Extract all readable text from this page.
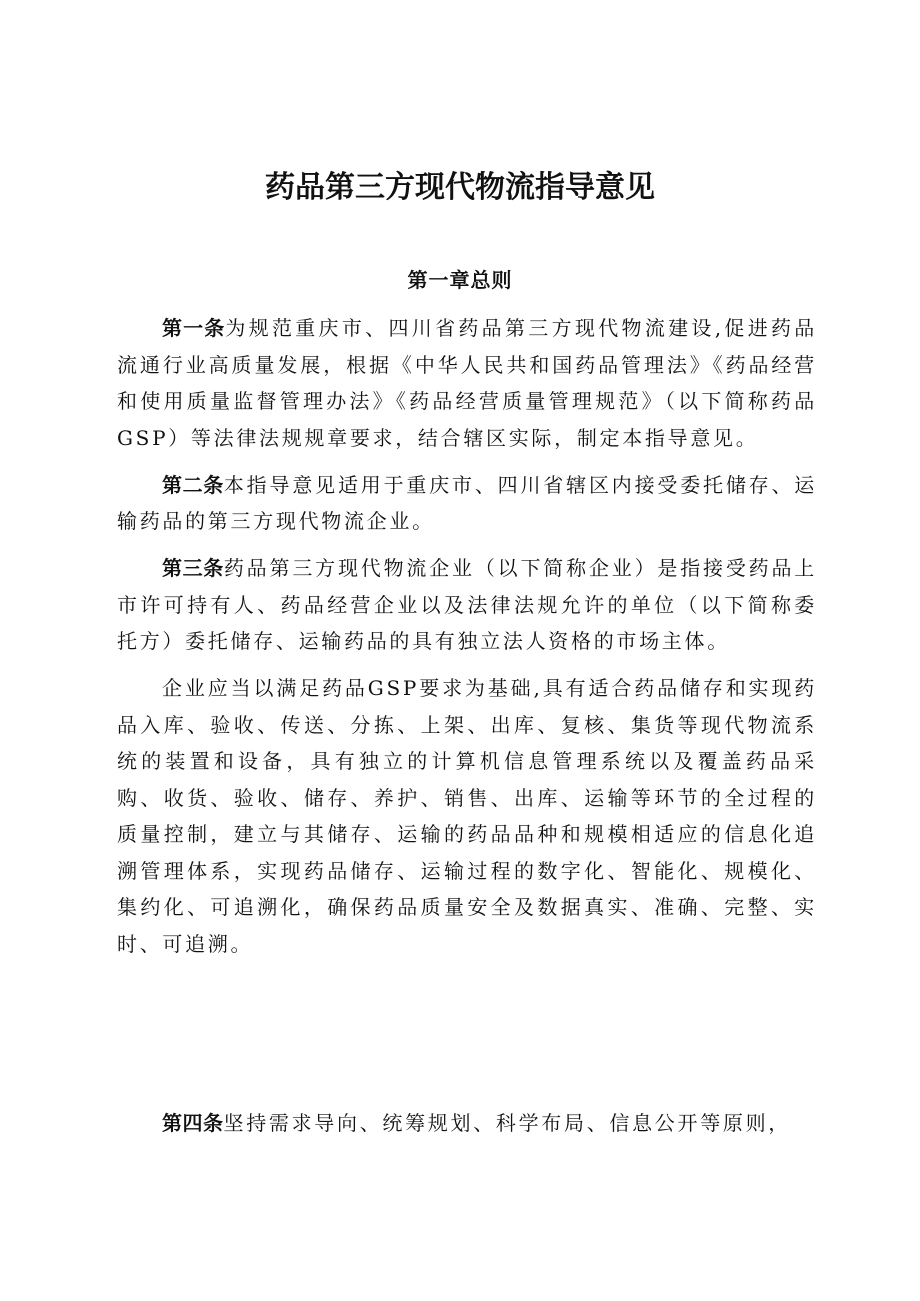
药品第三方现代物流指导意见
第一章总则

第一条为规范重庆市、四川省药品第三方现代物流建设,促进药品流通行业高质量发展，根据《中华人民共和国药品管理法》《药品经营和使用质量监督管理办法》《药品经营质量管理规范》（以下简称药品GSP）等法律法规规章要求，结合辖区实际，制定本指导意见。

第二条本指导意见适用于重庆市、四川省辖区内接受委托储存、运输药品的第三方现代物流企业。

第三条药品第三方现代物流企业（以下简称企业）是指接受药品上市许可持有人、药品经营企业以及法律法规允许的单位（以下简称委托方）委托储存、运输药品的具有独立法人资格的市场主体。

企业应当以满足药品GSP要求为基础,具有适合药品储存和实现药品入库、验收、传送、分拣、上架、出库、复核、集货等现代物流系统的装置和设备，具有独立的计算机信息管理系统以及覆盖药品采购、收货、验收、储存、养护、销售、出库、运输等环节的全过程的质量控制，建立与其储存、运输的药品品种和规模相适应的信息化追溯管理体系，实现药品储存、运输过程的数字化、智能化、规模化、集约化、可追溯化，确保药品质量安全及数据真实、准确、完整、实时、可追溯。

第四条坚持需求导向、统筹规划、科学布局、信息公开等原则，
